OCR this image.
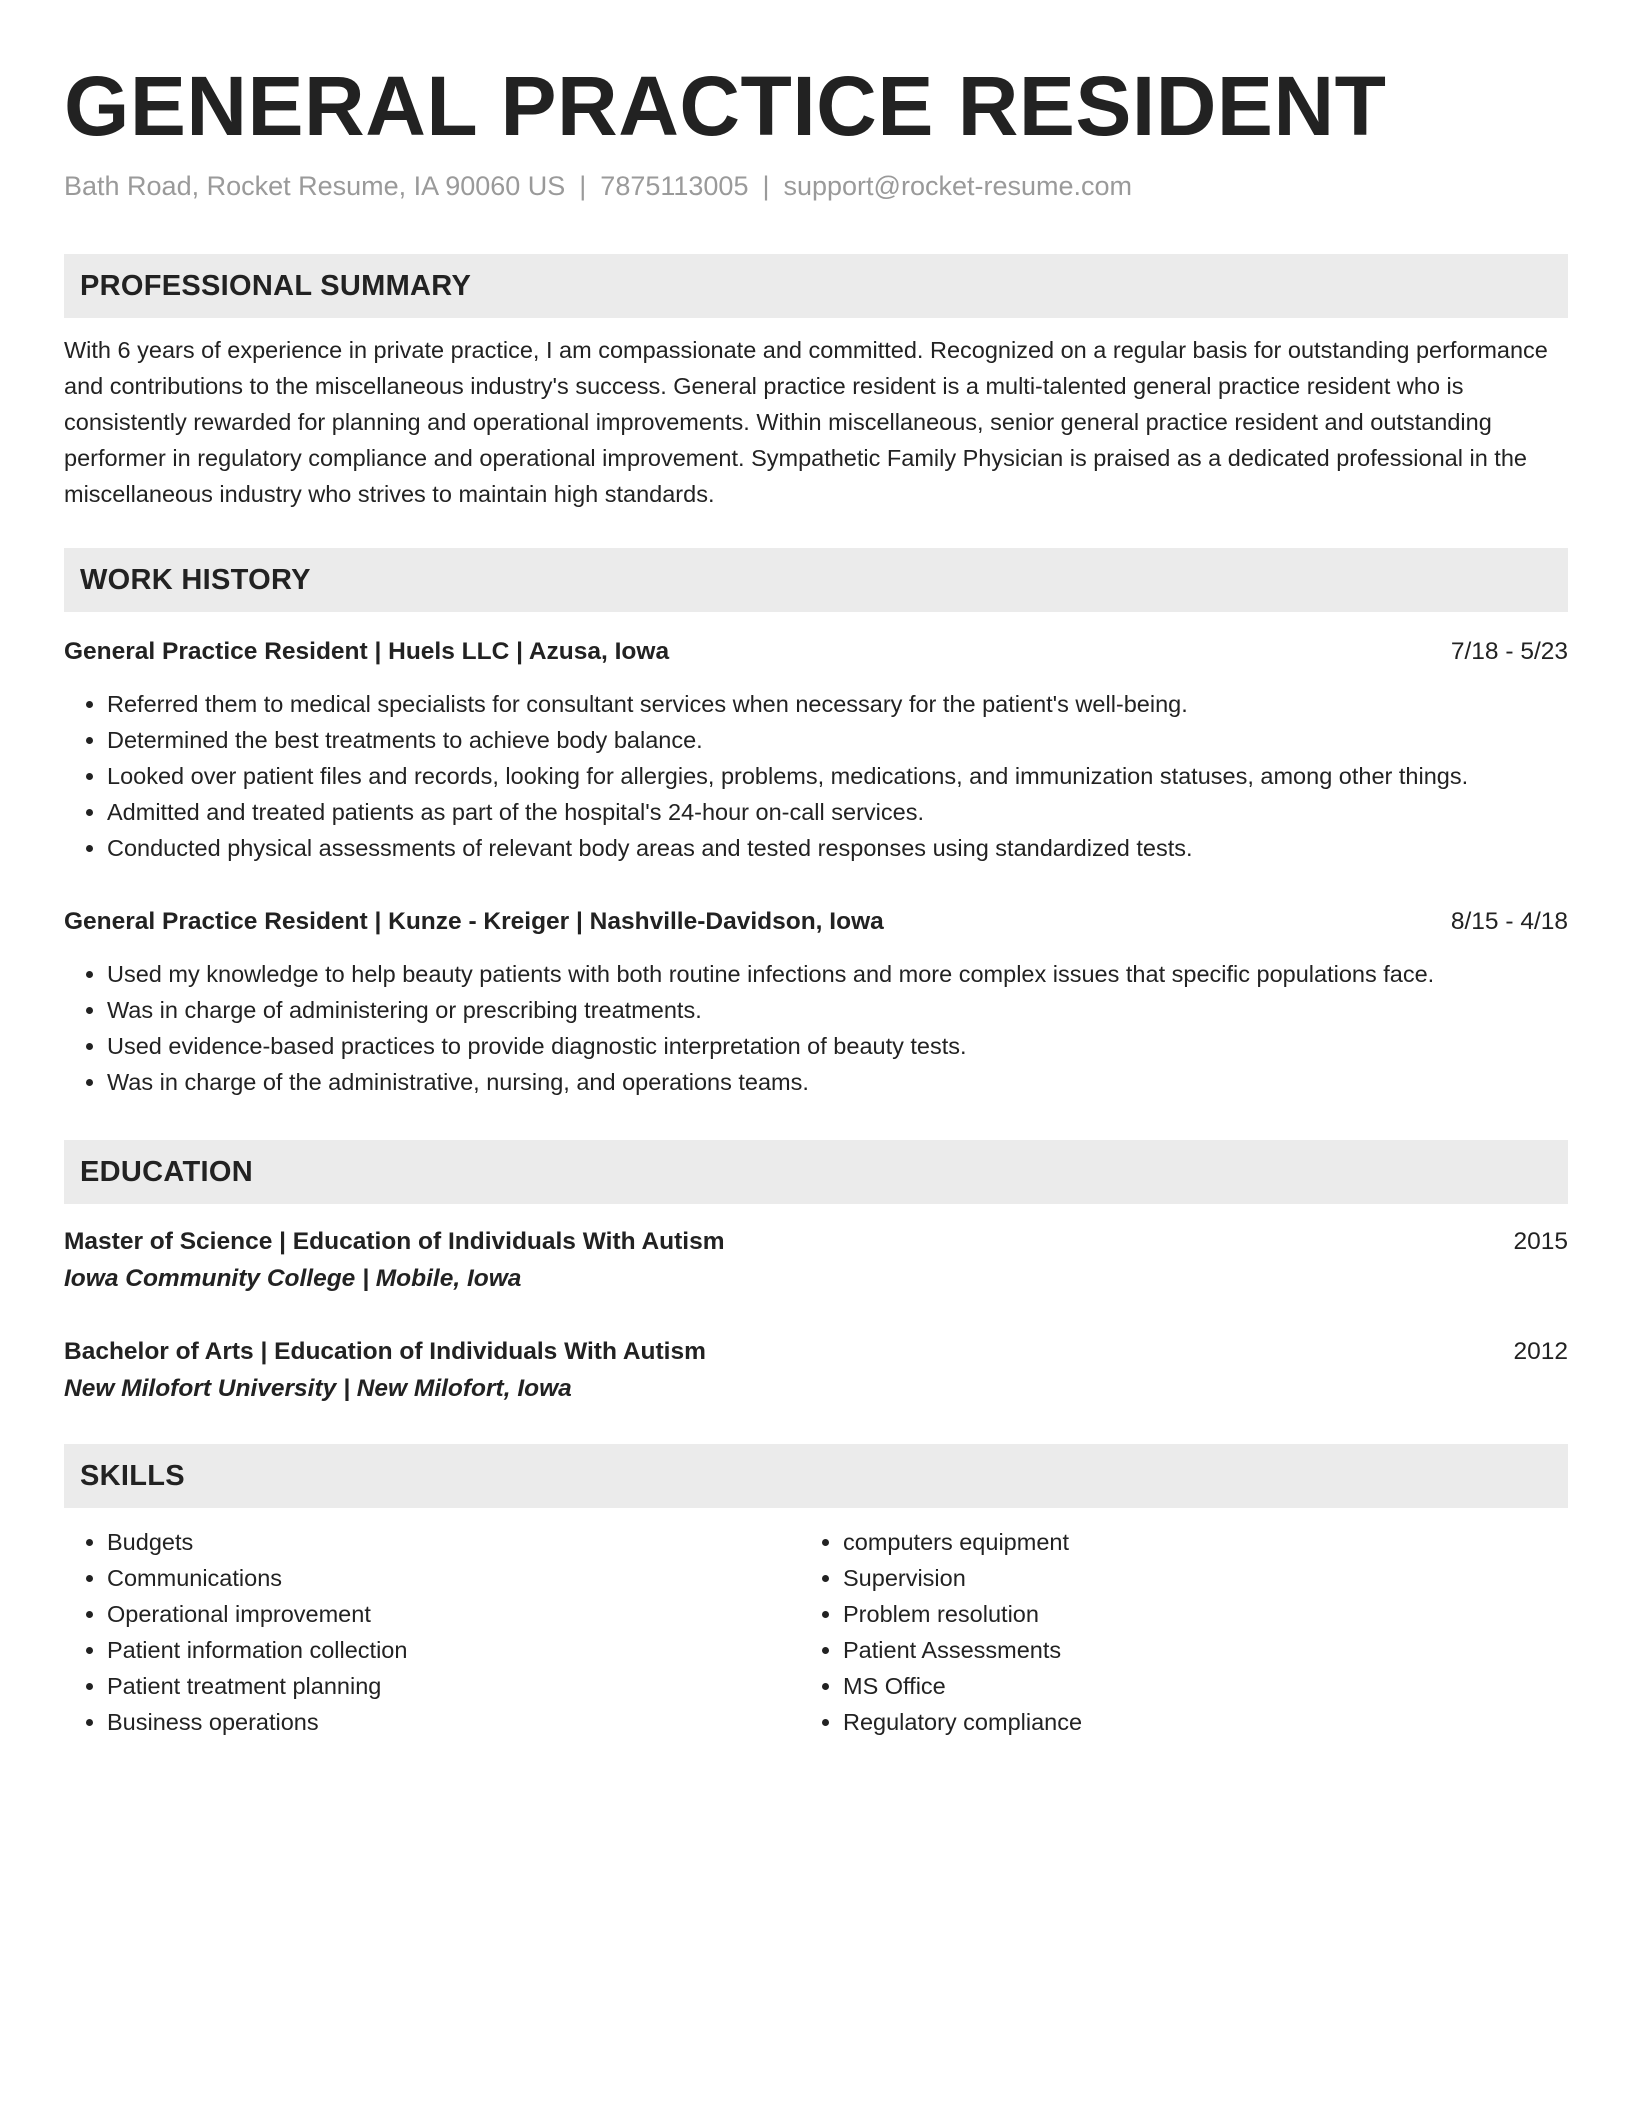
GENERAL PRACTICE RESIDENT
Bath Road, Rocket Resume, IA 90060 US | 7875113005 | support@rocket-resume.com
PROFESSIONAL SUMMARY
With 6 years of experience in private practice, I am compassionate and committed. Recognized on a regular basis for outstanding performance and contributions to the miscellaneous industry's success. General practice resident is a multi-talented general practice resident who is consistently rewarded for planning and operational improvements. Within miscellaneous, senior general practice resident and outstanding performer in regulatory compliance and operational improvement. Sympathetic Family Physician is praised as a dedicated professional in the miscellaneous industry who strives to maintain high standards.
WORK HISTORY
General Practice Resident | Huels LLC | Azusa, Iowa	7/18 - 5/23
• Referred them to medical specialists for consultant services when necessary for the patient's well-being.
• Determined the best treatments to achieve body balance.
• Looked over patient files and records, looking for allergies, problems, medications, and immunization statuses, among other things.
• Admitted and treated patients as part of the hospital's 24-hour on-call services.
• Conducted physical assessments of relevant body areas and tested responses using standardized tests.
General Practice Resident | Kunze - Kreiger | Nashville-Davidson, Iowa	8/15 - 4/18
• Used my knowledge to help beauty patients with both routine infections and more complex issues that specific populations face.
• Was in charge of administering or prescribing treatments.
• Used evidence-based practices to provide diagnostic interpretation of beauty tests.
• Was in charge of the administrative, nursing, and operations teams.
EDUCATION
Master of Science | Education of Individuals With Autism	2015
Iowa Community College | Mobile, Iowa
Bachelor of Arts | Education of Individuals With Autism	2012
New Milofort University | New Milofort, Iowa
SKILLS
• Budgets
• Communications
• Operational improvement
• Patient information collection
• Patient treatment planning
• Business operations
• computers equipment
• Supervision
• Problem resolution
• Patient Assessments
• MS Office
• Regulatory compliance
